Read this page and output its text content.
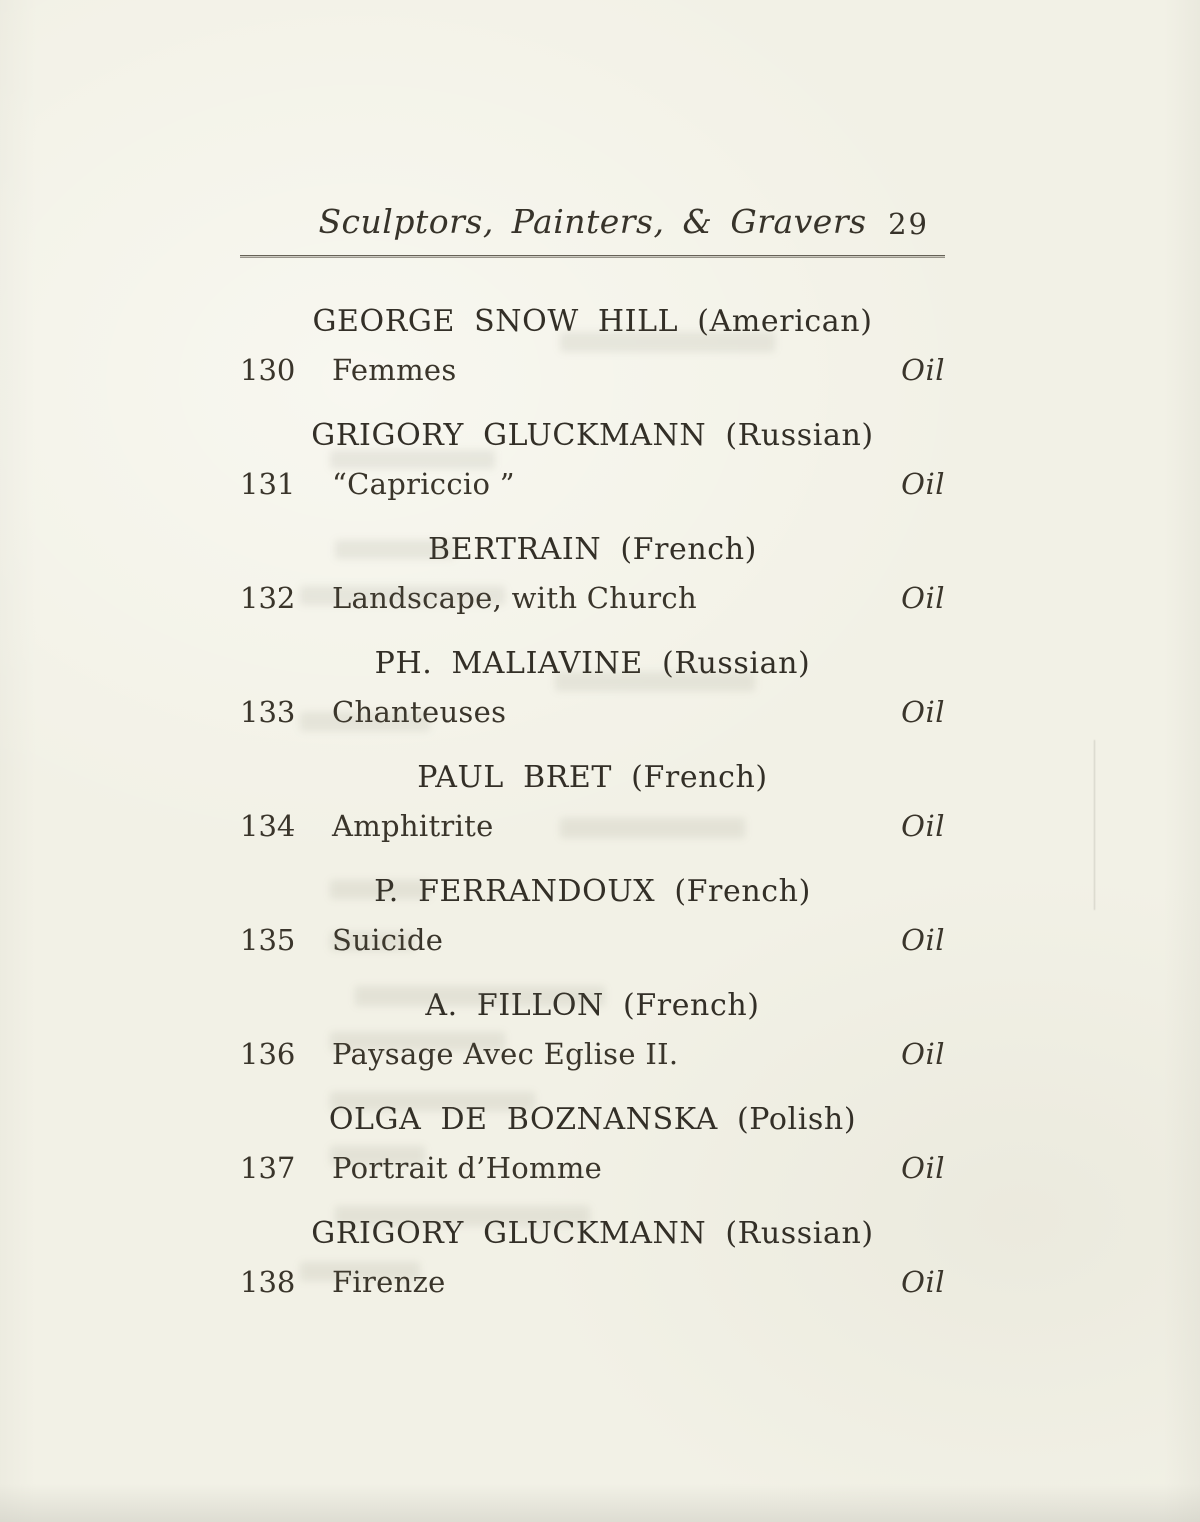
Sculptors, Painters, & Gravers 29
GEORGE SNOW HILL (American)
130 Femmes	Oil
GRIGORY GLUCKMANN (Russian)
131 “Capriccio ”	Oil
BERTRAIN (French)
132 Landscape, with Church	Oil
PH. MALIAVINE (Russian)
133 Chanteuses	Oil
PAUL BRET (French)
134 Amphitrite	Oil
P. FERRANDOUX (French)
135 Suicide	Oil
A. FILLON (French)
136 Paysage Avec Eglise II.	Oil
OLGA DE BOZNANSKA (Polish)
137 Portrait d’Homme	Oil
GRIGORY GLUCKMANN (Russian)
138 Firenze	Oil
